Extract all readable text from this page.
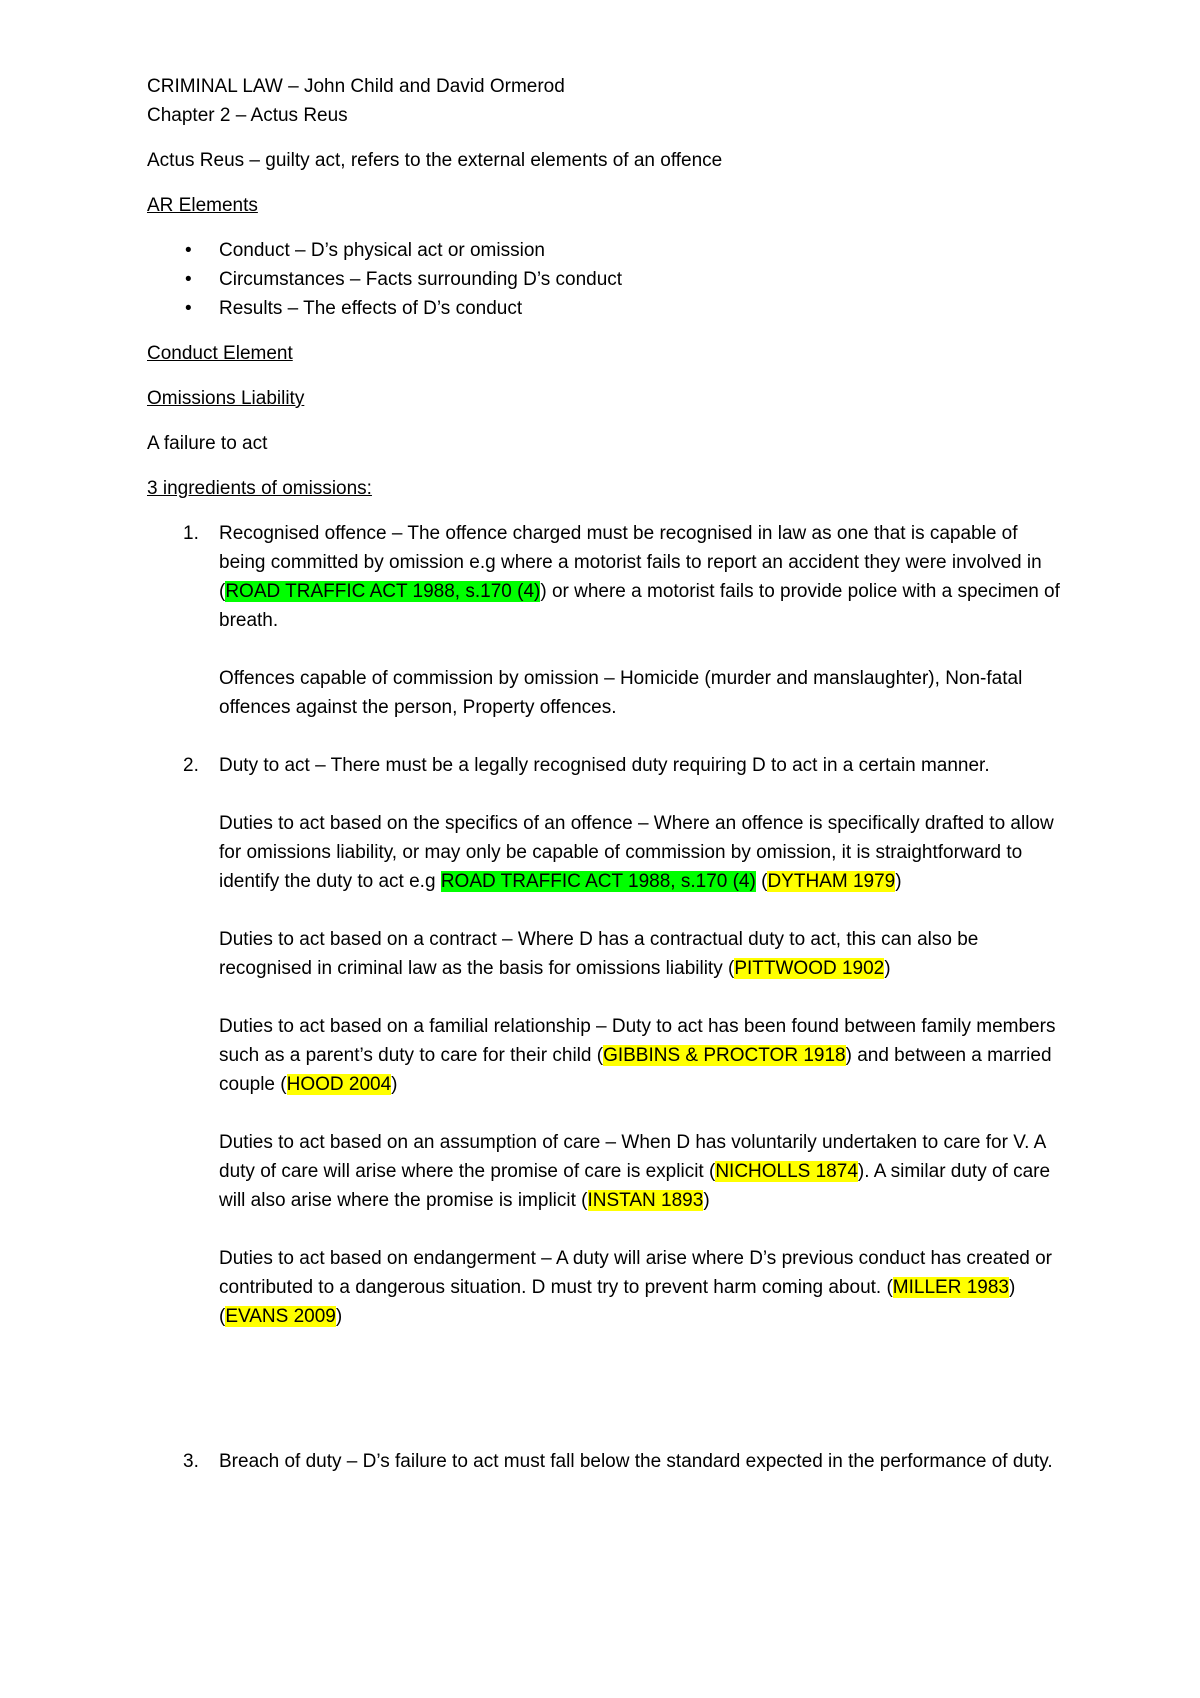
CRIMINAL LAW – John Child and David Ormerod

Chapter 2 – Actus Reus

Actus Reus – guilty act, refers to the external elements of an offence

AR Elements

• Conduct – D’s physical act or omission
• Circumstances – Facts surrounding D’s conduct
• Results – The effects of D’s conduct

Conduct Element

Omissions Liability

A failure to act

3 ingredients of omissions:

1. Recognised offence – The offence charged must be recognised in law as one that is capable of being committed by omission e.g where a motorist fails to report an accident they were involved in (ROAD TRAFFIC ACT 1988, s.170 (4)) or where a motorist fails to provide police with a specimen of breath.

Offences capable of commission by omission – Homicide (murder and manslaughter), Non-fatal offences against the person, Property offences.

2. Duty to act – There must be a legally recognised duty requiring D to act in a certain manner.

Duties to act based on the specifics of an offence – Where an offence is specifically drafted to allow for omissions liability, or may only be capable of commission by omission, it is straightforward to identify the duty to act e.g ROAD TRAFFIC ACT 1988, s.170 (4) (DYTHAM 1979)

Duties to act based on a contract – Where D has a contractual duty to act, this can also be recognised in criminal law as the basis for omissions liability (PITTWOOD 1902)

Duties to act based on a familial relationship – Duty to act has been found between family members such as a parent’s duty to care for their child (GIBBINS & PROCTOR 1918) and between a married couple (HOOD 2004)

Duties to act based on an assumption of care – When D has voluntarily undertaken to care for V. A duty of care will arise where the promise of care is explicit (NICHOLLS 1874). A similar duty of care will also arise where the promise is implicit (INSTAN 1893)

Duties to act based on endangerment – A duty will arise where D’s previous conduct has created or contributed to a dangerous situation. D must try to prevent harm coming about. (MILLER 1983) (EVANS 2009)

3. Breach of duty – D’s failure to act must fall below the standard expected in the performance of duty.
